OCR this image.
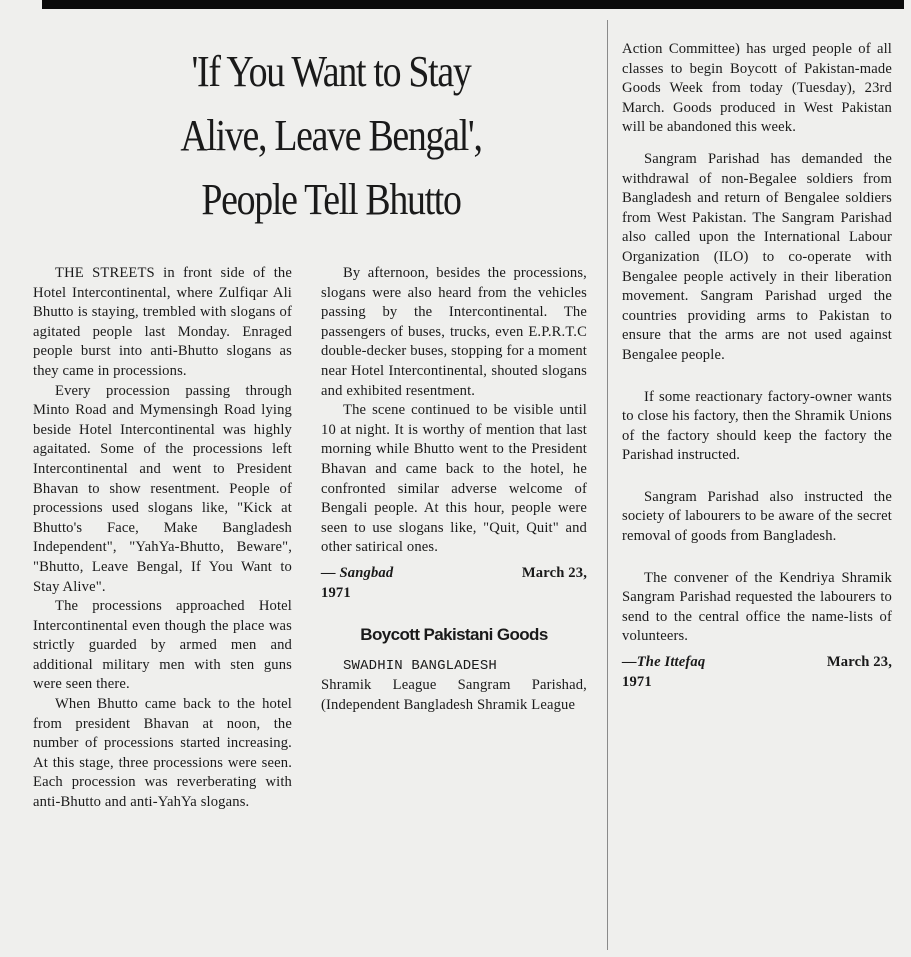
'If You Want to Stay
Alive, Leave Bengal',
People Tell Bhutto

THE STREETS in front side of the Hotel Intercontinental, where Zulfiqar Ali Bhutto is staying, trembled with slogans of agitated people last Monday. Enraged people burst into anti-Bhutto slogans as they came in processions.

Every procession passing through Minto Road and Mymensingh Road lying beside Hotel Intercontinental was highly agaitated. Some of the processions left Intercontinental and went to President Bhavan to show resentment. People of processions used slogans like, "Kick at Bhutto's Face, Make Bangladesh Independent", "YahYa-Bhutto, Beware", "Bhutto, Leave Bengal, If You Want to Stay Alive".

The processions approached Hotel Intercontinental even though the place was strictly guarded by armed men and additional military men with sten guns were seen there.

When Bhutto came back to the hotel from president Bhavan at noon, the number of processions started increasing. At this stage, three processions were seen. Each procession was reverberating with anti-Bhutto and anti-YahYa slogans.

By afternoon, besides the processions, slogans were also heard from the vehicles passing by the Intercontinental. The passengers of buses, trucks, even E.P.R.T.C double-decker buses, stopping for a moment near Hotel Intercontinental, shouted slogans and exhibited resentment.

The scene continued to be visible until 10 at night. It is worthy of mention that last morning while Bhutto went to the President Bhavan and came back to the hotel, he confronted similar adverse welcome of Bengali people. At this hour, people were seen to use slogans like, "Quit, Quit" and other satirical ones.

— Sangbad	March 23,

1971

Boycott Pakistani Goods

SWADHIN BANGLADESH

Shramik League Sangram Parishad, (Independent Bangladesh Shramik League

Action Committee) has urged people of all classes to begin Boycott of Pakistan-made Goods Week from today (Tuesday), 23rd March. Goods produced in West Pakistan will be abandoned this week.

Sangram Parishad has demanded the withdrawal of non-Begalee soldiers from Bangladesh and return of Bengalee soldiers from West Pakistan. The Sangram Parishad also called upon the International Labour Organization (ILO) to co-operate with Bengalee people actively in their liberation movement. Sangram Parishad urged the countries providing arms to Pakistan to ensure that the arms are not used against Bengalee people.

If some reactionary factory-owner wants to close his factory, then the Shramik Unions of the factory should keep the factory the Parishad instructed.

Sangram Parishad also instructed the society of labourers to be aware of the secret removal of goods from Bangladesh.

The convener of the Kendriya Shramik Sangram Parishad requested the labourers to send to the central office the name-lists of volunteers.

—The Ittefaq	March 23,

1971
